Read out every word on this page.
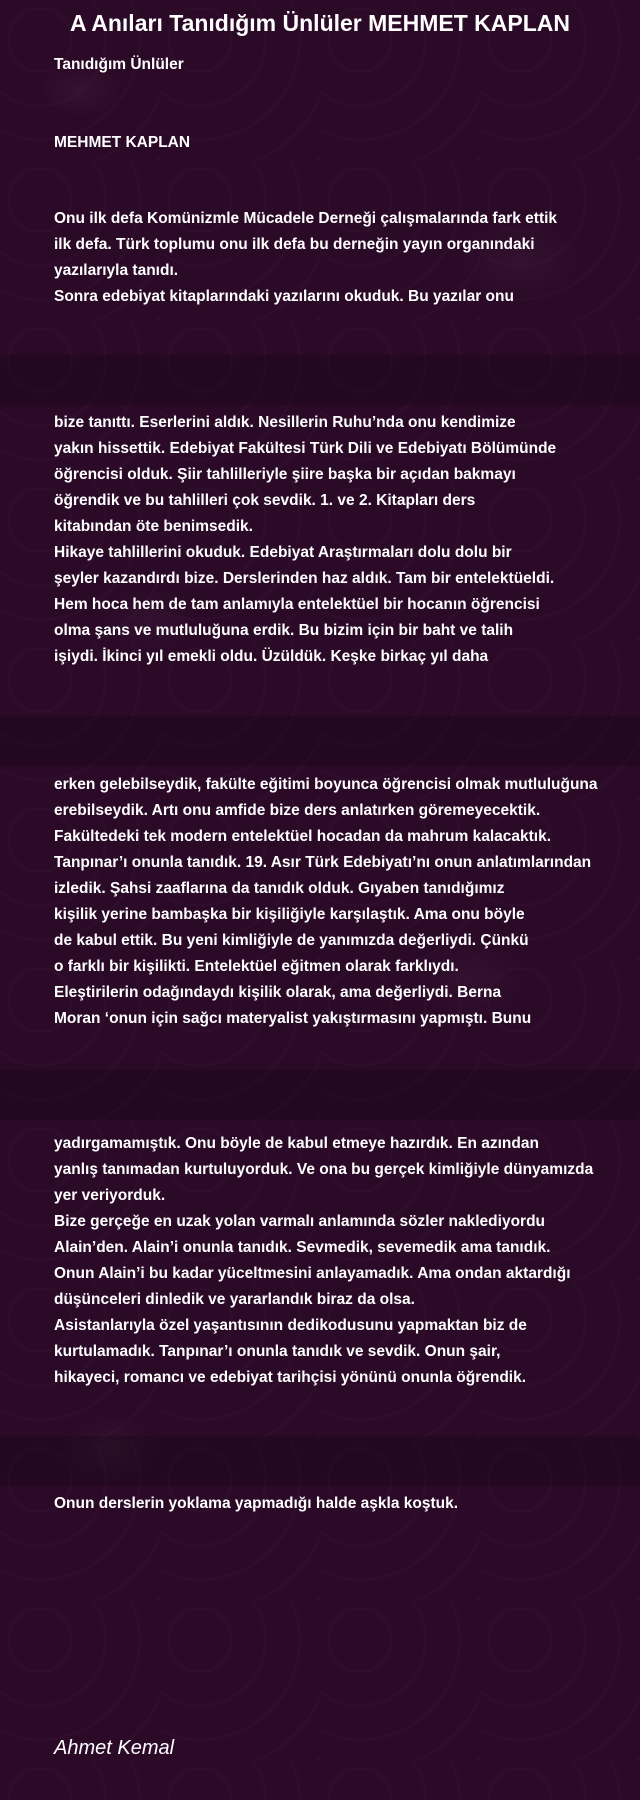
A Anıları Tanıdığım Ünlüler MEHMET KAPLAN
Tanıdığım Ünlüler
MEHMET KAPLAN
Onu ilk defa Komünizmle Mücadele Derneği çalışmalarında fark ettik
ilk defa. Türk toplumu onu ilk defa bu derneğin yayın organındaki
yazılarıyla tanıdı.
Sonra edebiyat kitaplarındaki yazılarını okuduk. Bu yazılar onu
bize tanıttı. Eserlerini aldık. Nesillerin Ruhu’nda onu kendimize
yakın hissettik. Edebiyat Fakültesi Türk Dili ve Edebiyatı Bölümünde
öğrencisi olduk. Şiir tahlilleriyle şiire başka bir açıdan bakmayı
öğrendik ve bu tahlilleri çok sevdik. 1. ve 2. Kitapları ders
kitabından öte benimsedik.
Hikaye tahlillerini okuduk. Edebiyat Araştırmaları dolu dolu bir
şeyler kazandırdı bize. Derslerinden haz aldık. Tam bir entelektüeldi.
Hem hoca hem de tam anlamıyla entelektüel bir hocanın öğrencisi
olma şans ve mutluluğuna erdik. Bu bizim için bir baht ve talih
işiydi. İkinci yıl emekli oldu. Üzüldük. Keşke birkaç yıl daha
erken gelebilseydik, fakülte eğitimi boyunca öğrencisi olmak mutluluğuna
erebilseydik. Artı onu amfide bize ders anlatırken göremeyecektik.
Fakültedeki tek modern entelektüel hocadan da mahrum kalacaktık.
Tanpınar’ı onunla tanıdık. 19. Asır Türk Edebiyatı’nı onun anlatımlarından
izledik. Şahsi zaaflarına da tanıdık olduk. Gıyaben tanıdığımız
kişilik yerine bambaşka bir kişiliğiyle karşılaştık. Ama onu böyle
de kabul ettik. Bu yeni kimliğiyle de yanımızda değerliydi. Çünkü
o farklı bir kişilikti. Entelektüel eğitmen olarak farklıydı.
Eleştirilerin odağındaydı kişilik olarak, ama değerliydi. Berna
Moran ‘onun için sağcı materyalist yakıştırmasını yapmıştı. Bunu
yadırgamamıştık. Onu böyle de kabul etmeye hazırdık. En azından
yanlış tanımadan kurtuluyorduk. Ve ona bu gerçek kimliğiyle dünyamızda
yer veriyorduk.
Bize gerçeğe en uzak yolan varmalı anlamında sözler naklediyordu
Alain’den. Alain’i onunla tanıdık. Sevmedik, sevemedik ama tanıdık.
Onun Alain’i bu kadar yüceltmesini anlayamadık. Ama ondan aktardığı
düşünceleri dinledik ve yararlandık biraz da olsa.
Asistanlarıyla özel yaşantısının dedikodusunu yapmaktan biz de
kurtulamadık. Tanpınar’ı onunla tanıdık ve sevdik. Onun şair,
hikayeci, romancı ve edebiyat tarihçisi yönünü onunla öğrendik.
Onun derslerin yoklama yapmadığı halde aşkla koştuk.
Ahmet Kemal
